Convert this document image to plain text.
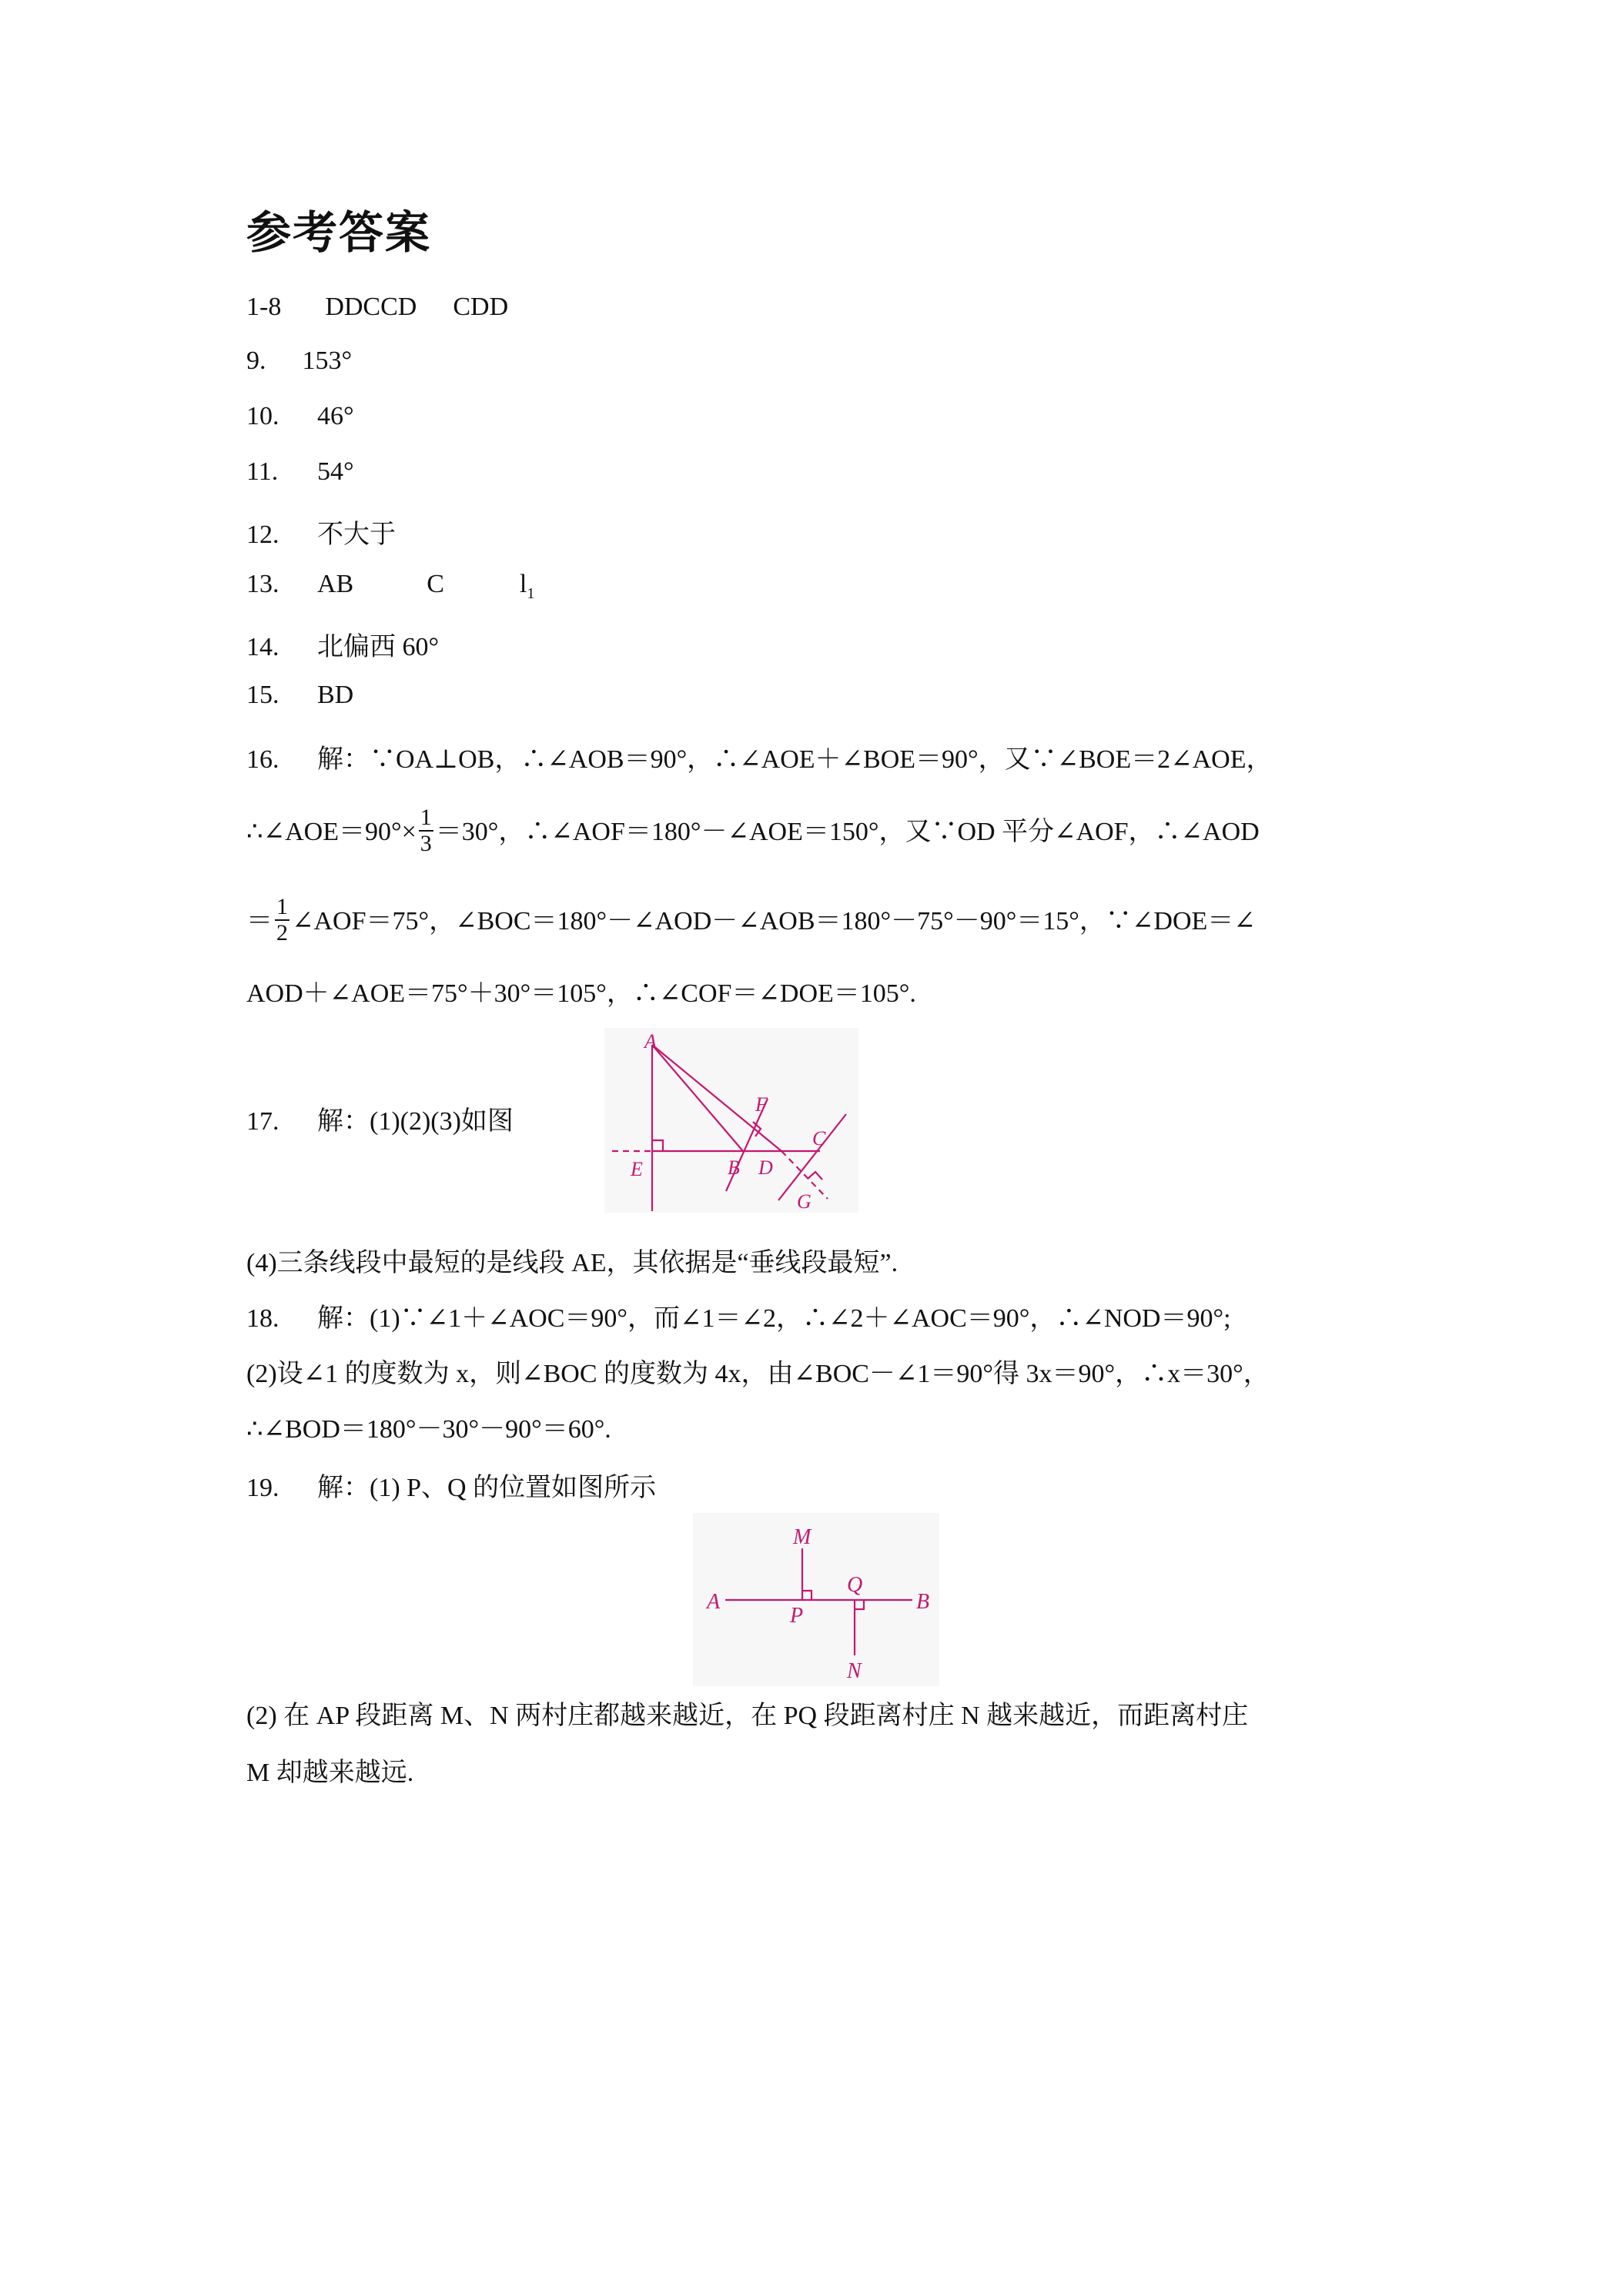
参考答案
1-8 DDCCD CDD
9. 153°
10. 46°
11. 54°
12. 不大于
13. AB	C	$l_1$
14. 北偏西 60°
15. BD
16. 解：∵OA⊥OB，∴∠AOB＝90°，∴∠AOE＋∠BOE＝90°，又∵∠BOE＝2∠AOE，
∴∠AOE＝90°× $\frac{1}{3} =30^\circ$，∴∠AOF＝180°－∠AOE＝150°，又∵OD 平分∠AOF，∴∠AOD
＝ $\frac{1}{2}$ ∠AOF＝75°，∠BOC＝180°－∠AOD－∠AOB＝180°－75°－90°＝15°，∵∠DOE＝∠
AOD＋∠AOE＝75°＋30°＝105°，∴∠COF＝∠DOE＝105°.
17. 解：(1)(2)(3)如图
A
F
C
E	B D
G
(4)三条线段中最短的是线段 AE，其依据是“垂线段最短”.
18. 解：(1)∵∠1＋∠AOC＝90°，而∠1＝∠2，∴∠2＋∠AOC＝90°，∴∠NOD＝90°;
(2)设∠1 的度数为 x，则∠BOC 的度数为 4x，由∠BOC－∠1＝90°得 3x＝90°，∴x＝30°，
∴∠BOD＝180°－30°－90°＝60°.
19. 解：(1) P、Q 的位置如图所示
M
Q
A	B
P
N
(2) 在 AP 段距离 M、N 两村庄都越来越近，在 PQ 段距离村庄 N 越来越近，而距离村庄
M 却越来越远.
